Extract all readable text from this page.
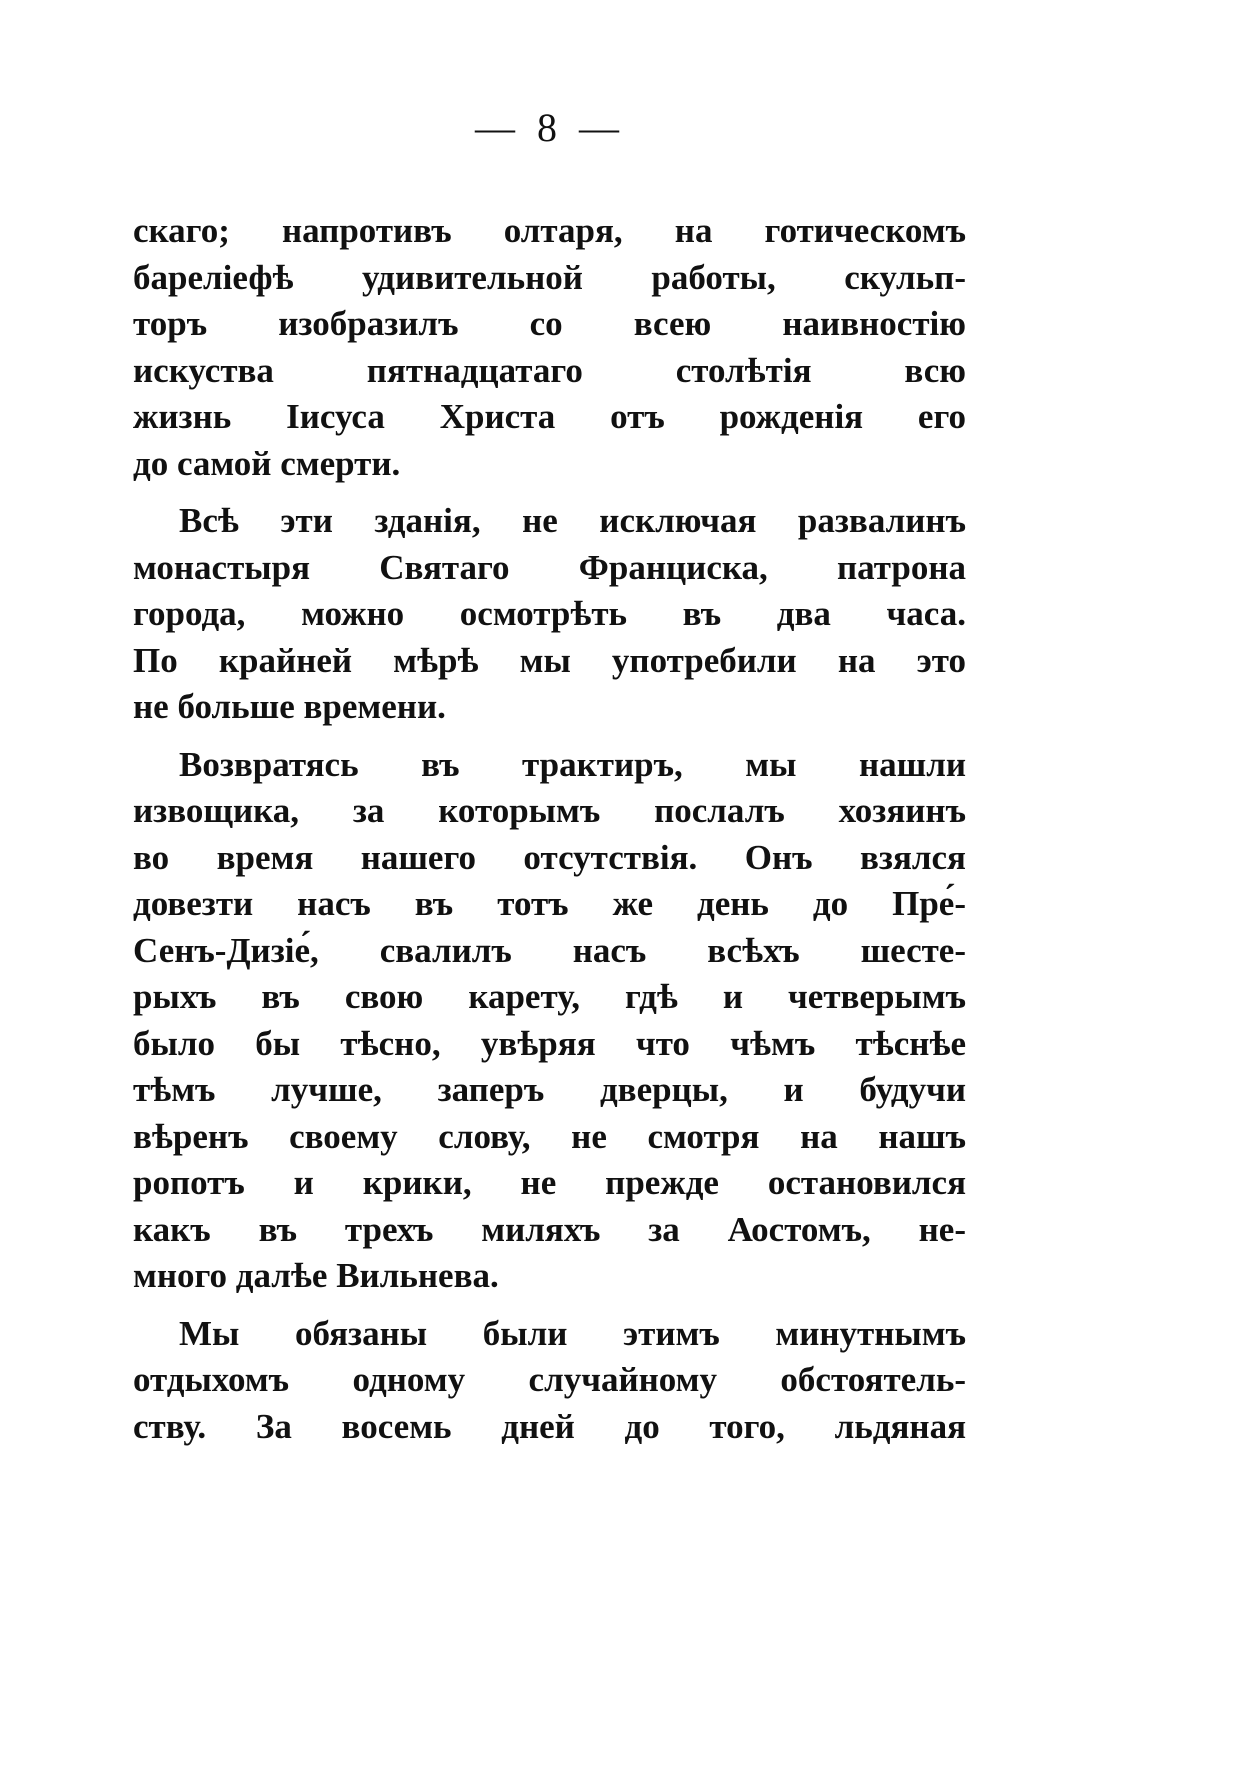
— 8 —
скаго; напротивъ олтаря, на готическомъ
бареліефѣ удивительной работы, скульп-
торъ изобразилъ со всею наивностію
искуства пятнадцатаго столѣтія всю
жизнь Іисуса Христа отъ рожденія его
до самой смерти.
Всѣ эти зданія, не исключая развалинъ
монастыря Святаго Франциска, патрона
города, можно осмотрѣть въ два часа.
По крайней мѣрѣ мы употребили на это
не больше времени.
Возвратясь въ трактиръ, мы нашли
извощика, за которымъ послалъ хозяинъ
во время нашего отсутствія. Онъ взялся
довезти насъ въ тотъ же день до Пре́-
Сенъ-Дизіе́, свалилъ насъ всѣхъ шесте-
рыхъ въ свою карету, гдѣ и четверымъ
было бы тѣсно, увѣряя что чѣмъ тѣснѣе
тѣмъ лучше, заперъ дверцы, и будучи
вѣренъ своему слову, не смотря на нашъ
ропотъ и крики, не прежде остановился
какъ въ трехъ миляхъ за Аостомъ, не-
много далѣе Вильнева.
Мы обязаны были этимъ минутнымъ
отдыхомъ одному случайному обстоятель-
ству. За восемь дней до того, льдяная
